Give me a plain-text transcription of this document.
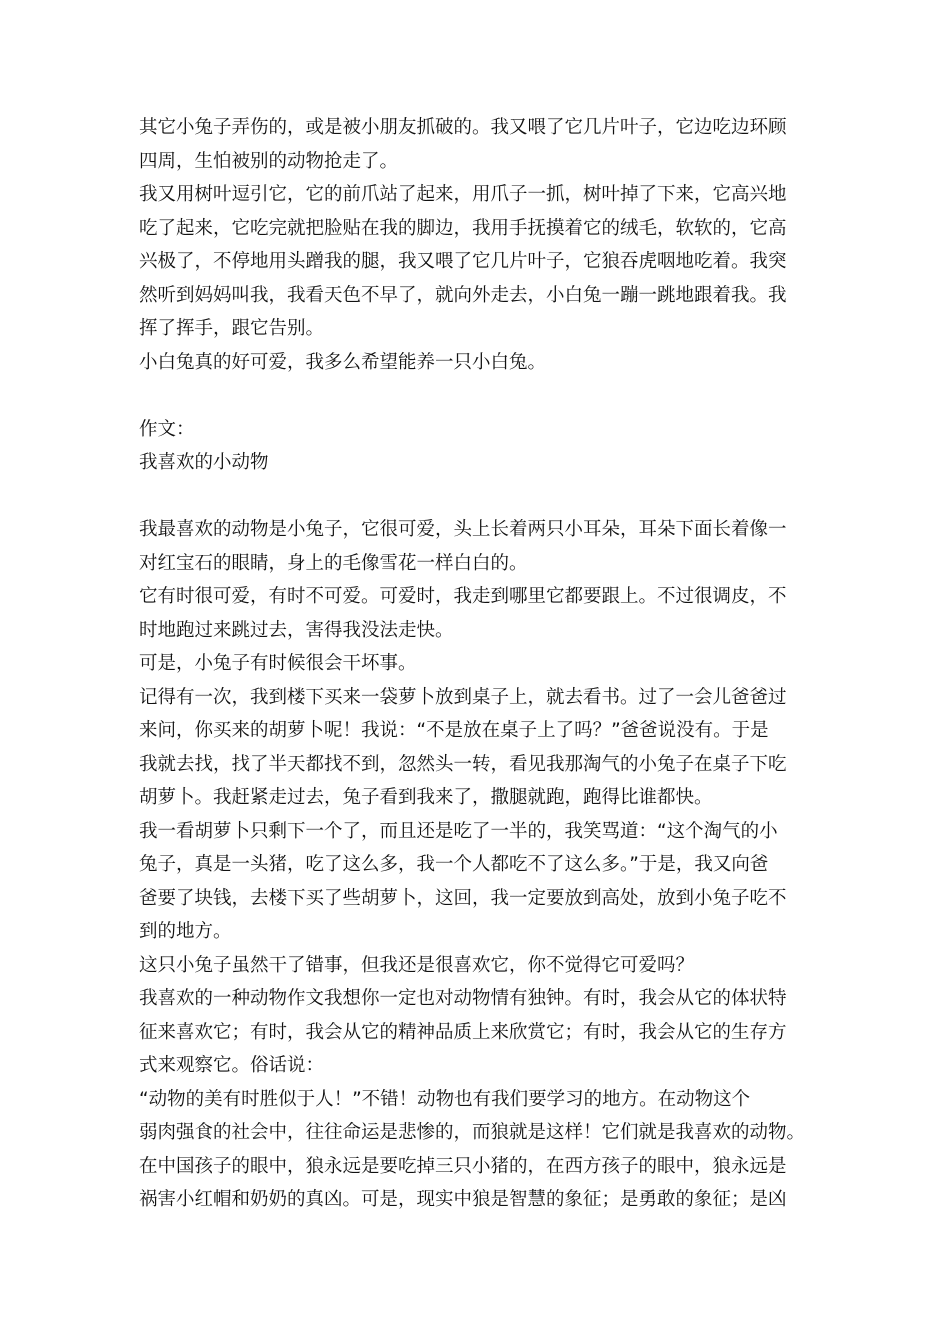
其它小兔子弄伤的，或是被小朋友抓破的。我又喂了它几片叶子，它边吃边环顾
四周，生怕被别的动物抢走了。

我又用树叶逗引它，它的前爪站了起来，用爪子一抓，树叶掉了下来，它高兴地
吃了起来，它吃完就把脸贴在我的脚边，我用手抚摸着它的绒毛，软软的，它高
兴极了，不停地用头蹭我的腿，我又喂了它几片叶子，它狼吞虎咽地吃着。我突
然听到妈妈叫我，我看天色不早了，就向外走去，小白兔一蹦一跳地跟着我。我
挥了挥手，跟它告别。

小白兔真的好可爱，我多么希望能养一只小白兔。

作文：

我喜欢的小动物

我最喜欢的动物是小兔子，它很可爱，头上长着两只小耳朵，耳朵下面长着像一
对红宝石的眼睛，身上的毛像雪花一样白白的。

它有时很可爱，有时不可爱。可爱时，我走到哪里它都要跟上。不过很调皮，不
时地跑过来跳过去，害得我没法走快。

可是，小兔子有时候很会干坏事。

记得有一次，我到楼下买来一袋萝卜放到桌子上，就去看书。过了一会儿爸爸过
来问，你买来的胡萝卜呢！我说：“不是放在桌子上了吗？”爸爸说没有。于是
我就去找，找了半天都找不到，忽然头一转，看见我那淘气的小兔子在桌子下吃
胡萝卜。我赶紧走过去，兔子看到我来了，撒腿就跑，跑得比谁都快。

我一看胡萝卜只剩下一个了，而且还是吃了一半的，我笑骂道：“这个淘气的小
兔子，真是一头猪，吃了这么多，我一个人都吃不了这么多。”于是，我又向爸
爸要了块钱，去楼下买了些胡萝卜，这回，我一定要放到高处，放到小兔子吃不
到的地方。

这只小兔子虽然干了错事，但我还是很喜欢它，你不觉得它可爱吗？

我喜欢的一种动物作文我想你一定也对动物情有独钟。有时，我会从它的体状特
征来喜欢它；有时，我会从它的精神品质上来欣赏它；有时，我会从它的生存方
式来观察它。俗话说：

“动物的美有时胜似于人！”不错！动物也有我们要学习的地方。在动物这个
弱肉强食的社会中，往往命运是悲惨的，而狼就是这样！它们就是我喜欢的动物。
在中国孩子的眼中，狼永远是要吃掉三只小猪的，在西方孩子的眼中，狼永远是
祸害小红帽和奶奶的真凶。可是，现实中狼是智慧的象征；是勇敢的象征；是凶
